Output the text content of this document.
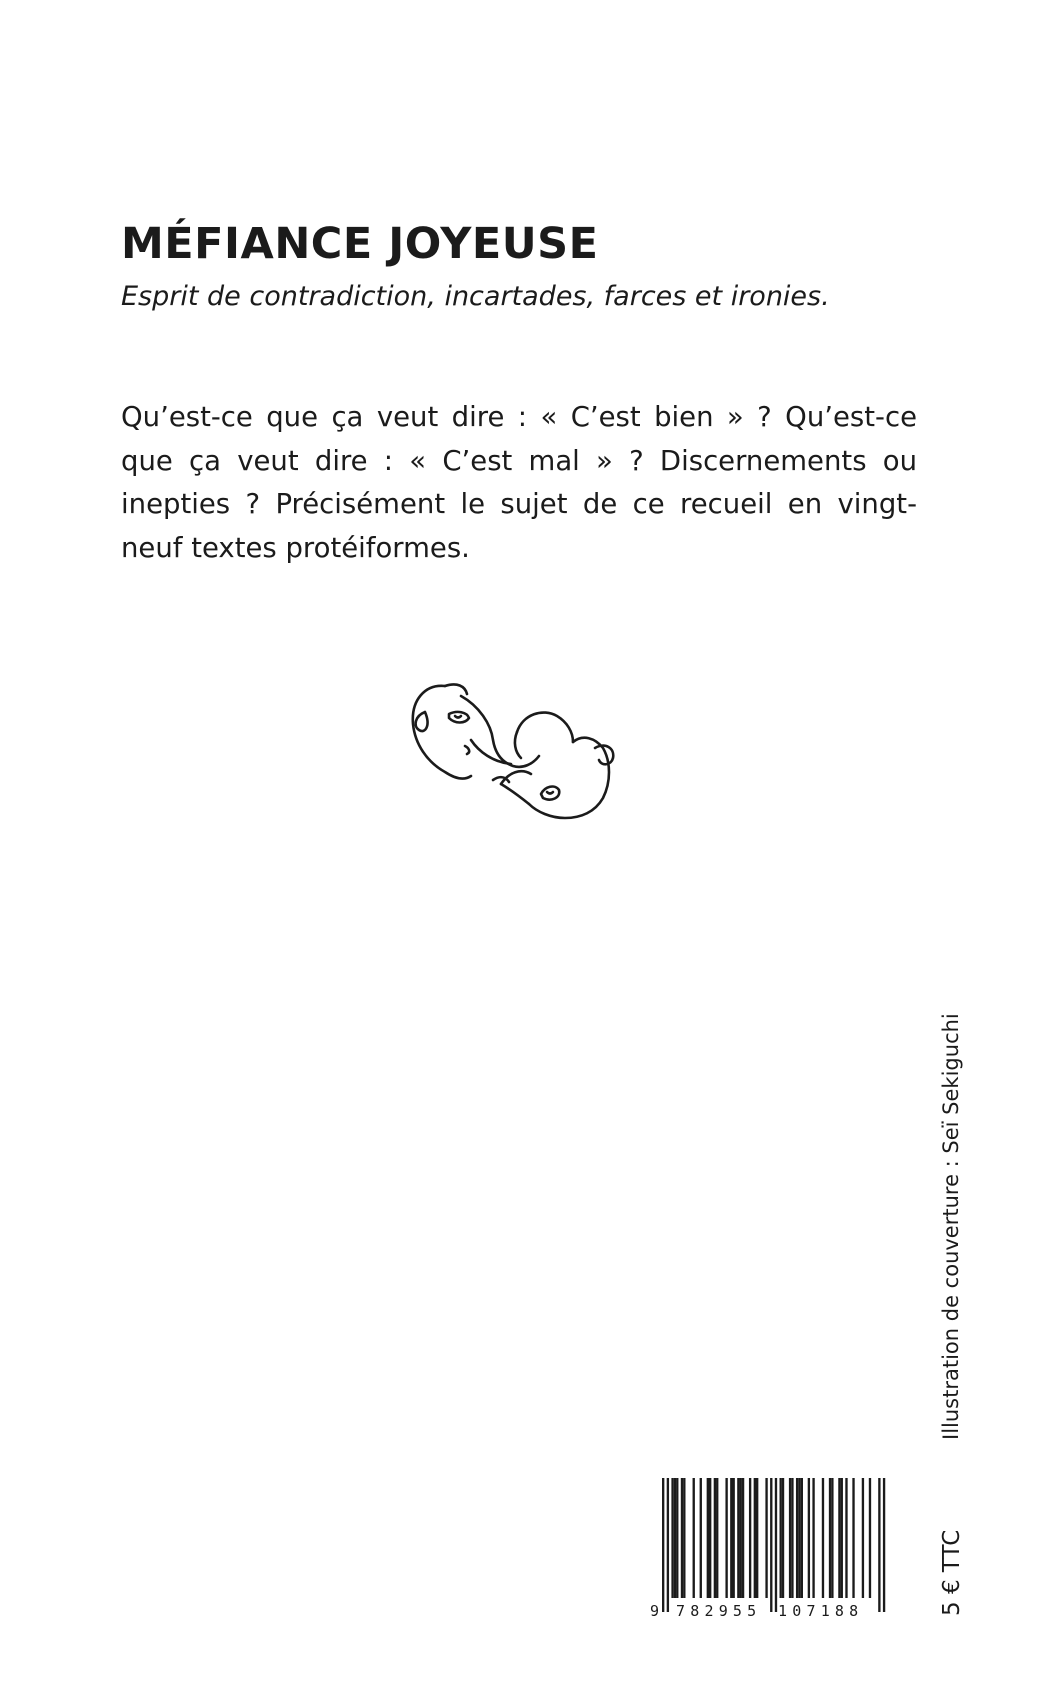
MÉFIANCE JOYEUSE

Esprit de contradiction, incartades, farces et ironies.

Qu’est-ce que ça veut dire : « C’est bien » ? Qu’est-ce que ça veut dire : « C’est mal » ? Discernements ou inepties ? Précisément le sujet de ce recueil en vingt-neuf textes protéiformes.

Illustration de couverture : Seï Sekiguchi
5 € TTC
9 782955 107188
